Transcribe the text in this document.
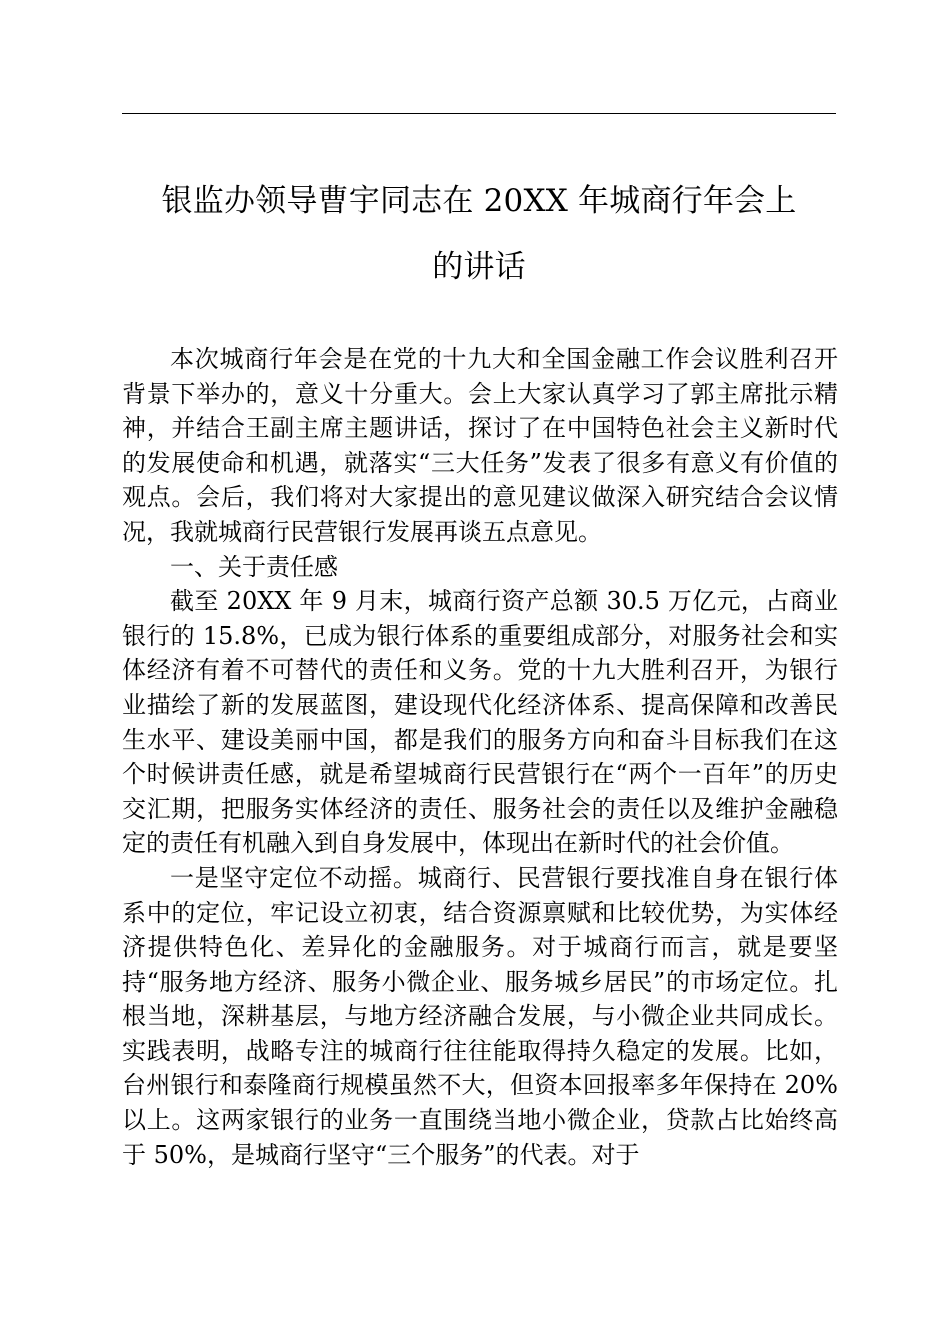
银监办领导曹宇同志在 20XX 年城商行年会上
的讲话

本次城商行年会是在党的十九大和全国金融工作会议胜利召开背景下举办的，意义十分重大。会上大家认真学习了郭主席批示精神，并结合王副主席主题讲话，探讨了在中国特色社会主义新时代的发展使命和机遇，就落实“三大任务”发表了很多有意义有价值的观点。会后，我们将对大家提出的意见建议做深入研究结合会议情况，我就城商行民营银行发展再谈五点意见。

一、关于责任感

截至 20XX 年 9 月末，城商行资产总额 30.5 万亿元，占商业银行的 15.8%，已成为银行体系的重要组成部分，对服务社会和实体经济有着不可替代的责任和义务。党的十九大胜利召开，为银行业描绘了新的发展蓝图，建设现代化经济体系、提高保障和改善民生水平、建设美丽中国，都是我们的服务方向和奋斗目标我们在这个时候讲责任感，就是希望城商行民营银行在“两个一百年”的历史交汇期，把服务实体经济的责任、服务社会的责任以及维护金融稳定的责任有机融入到自身发展中，体现出在新时代的社会价值。

一是坚守定位不动摇。城商行、民营银行要找准自身在银行体系中的定位，牢记设立初衷，结合资源禀赋和比较优势，为实体经济提供特色化、差异化的金融服务。对于城商行而言，就是要坚持“服务地方经济、服务小微企业、服务城乡居民”的市场定位。扎根当地，深耕基层，与地方经济融合发展，与小微企业共同成长。实践表明，战略专注的城商行往往能取得持久稳定的发展。比如，台州银行和泰隆商行规模虽然不大，但资本回报率多年保持在 20%以上。这两家银行的业务一直围绕当地小微企业，贷款占比始终高于 50%，是城商行坚守“三个服务”的代表。对于
